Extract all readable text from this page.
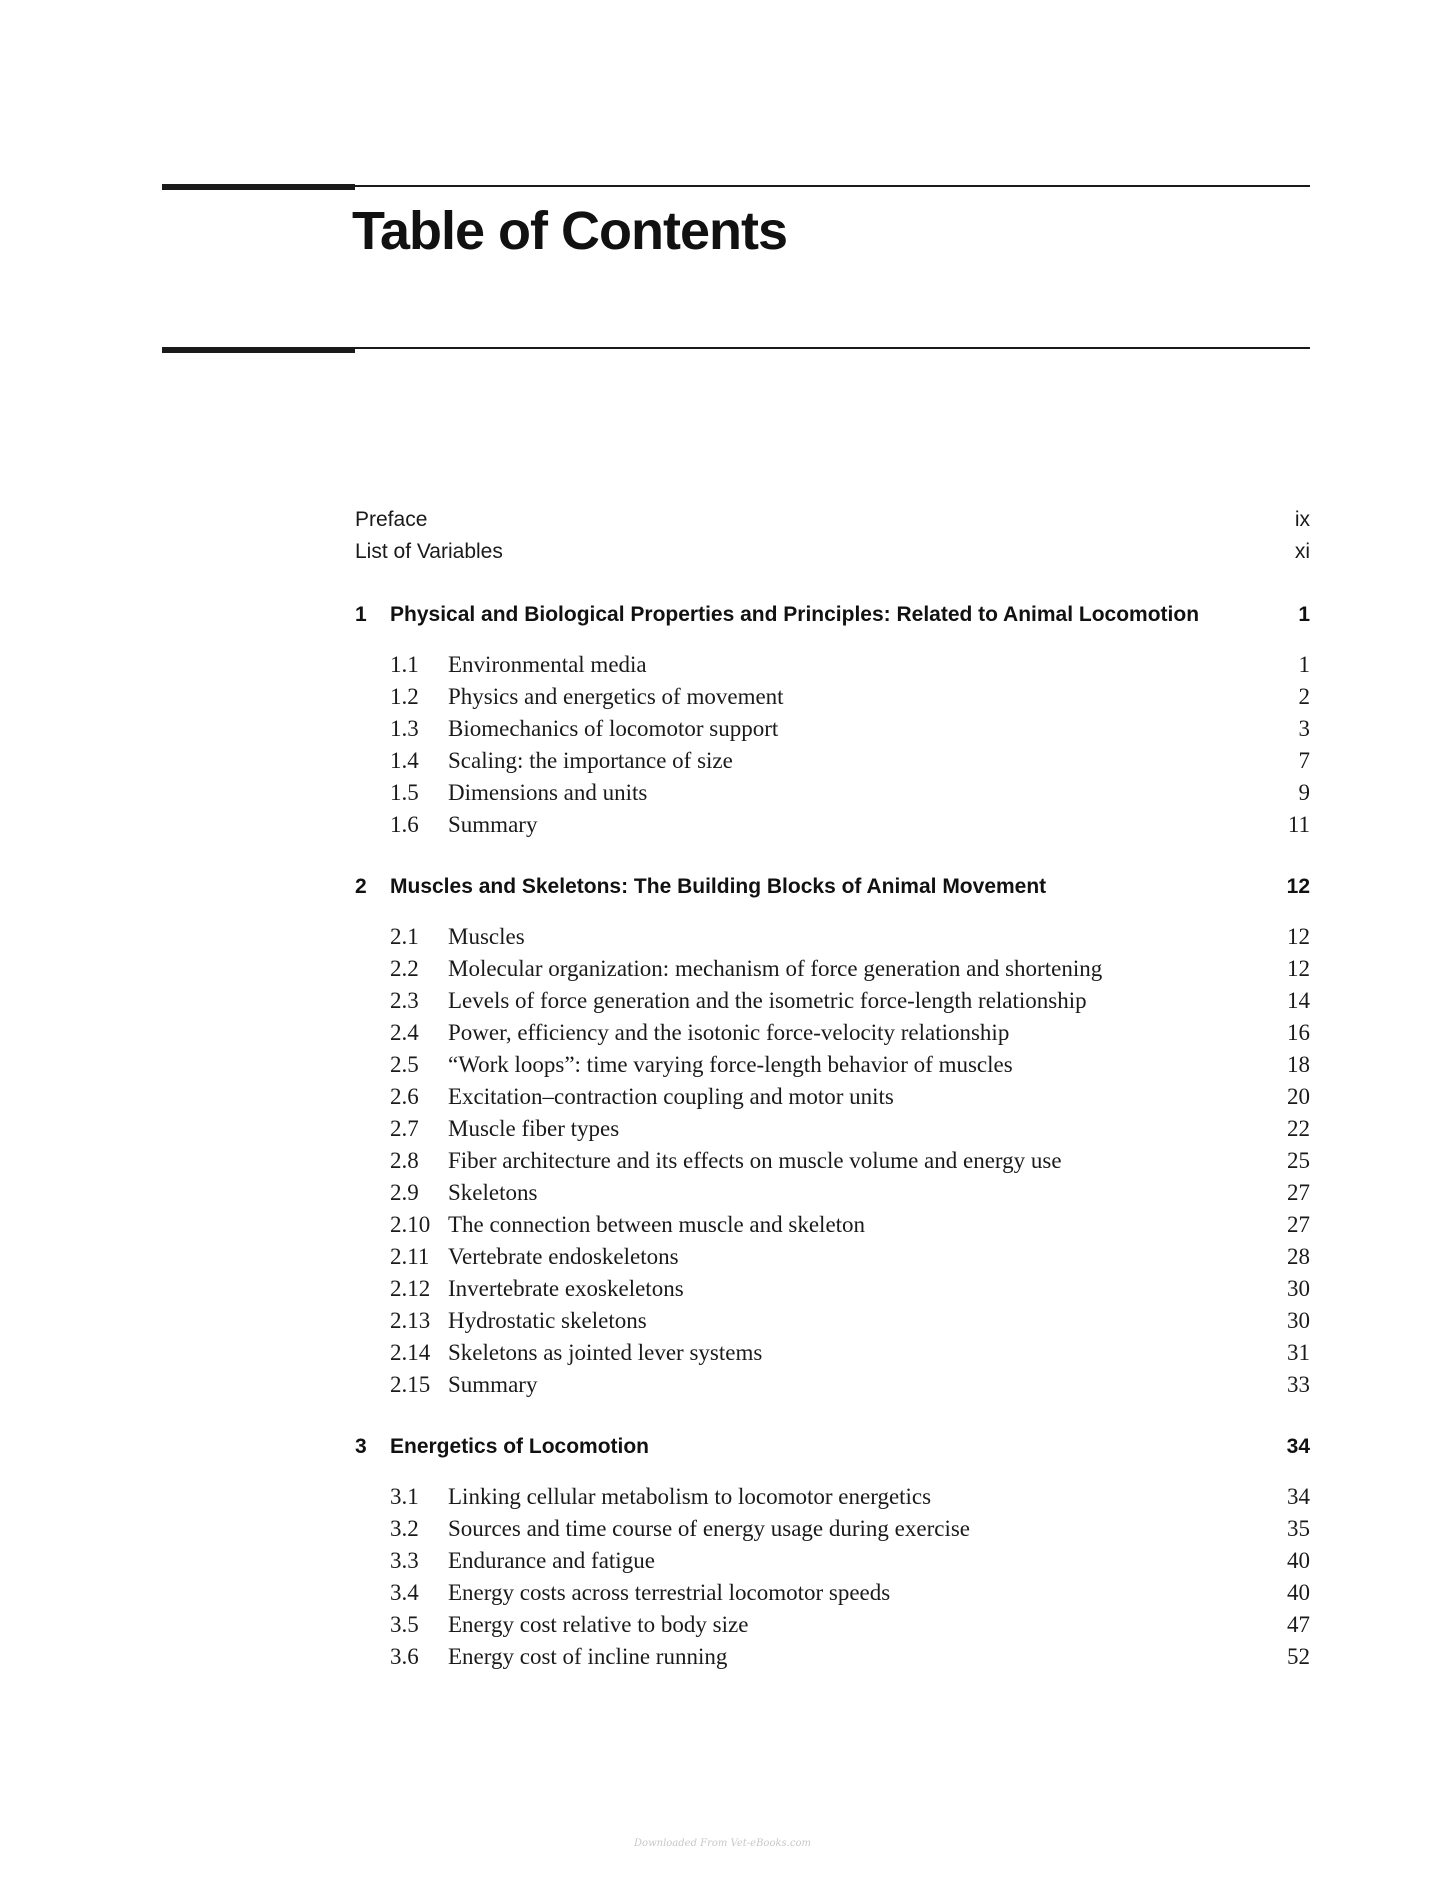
Table of Contents
Preface	ix
List of Variables	xi
1	Physical and Biological Properties and Principles: Related to Animal Locomotion	1
1.1	Environmental media	1
1.2	Physics and energetics of movement	2
1.3	Biomechanics of locomotor support	3
1.4	Scaling: the importance of size	7
1.5	Dimensions and units	9
1.6	Summary	11
2	Muscles and Skeletons: The Building Blocks of Animal Movement	12
2.1	Muscles	12
2.2	Molecular organization: mechanism of force generation and shortening	12
2.3	Levels of force generation and the isometric force-length relationship	14
2.4	Power, efficiency and the isotonic force-velocity relationship	16
2.5	“Work loops”: time varying force-length behavior of muscles	18
2.6	Excitation–contraction coupling and motor units	20
2.7	Muscle fiber types	22
2.8	Fiber architecture and its effects on muscle volume and energy use	25
2.9	Skeletons	27
2.10 The connection between muscle and skeleton	27
2.11 Vertebrate endoskeletons	28
2.12 Invertebrate exoskeletons	30
2.13 Hydrostatic skeletons	30
2.14 Skeletons as jointed lever systems	31
2.15 Summary	33
3	Energetics of Locomotion	34
3.1	Linking cellular metabolism to locomotor energetics	34
3.2	Sources and time course of energy usage during exercise	35
3.3	Endurance and fatigue	40
3.4	Energy costs across terrestrial locomotor speeds	40
3.5	Energy cost relative to body size	47
3.6	Energy cost of incline running	52
Downloaded From Vet-eBooks.com
